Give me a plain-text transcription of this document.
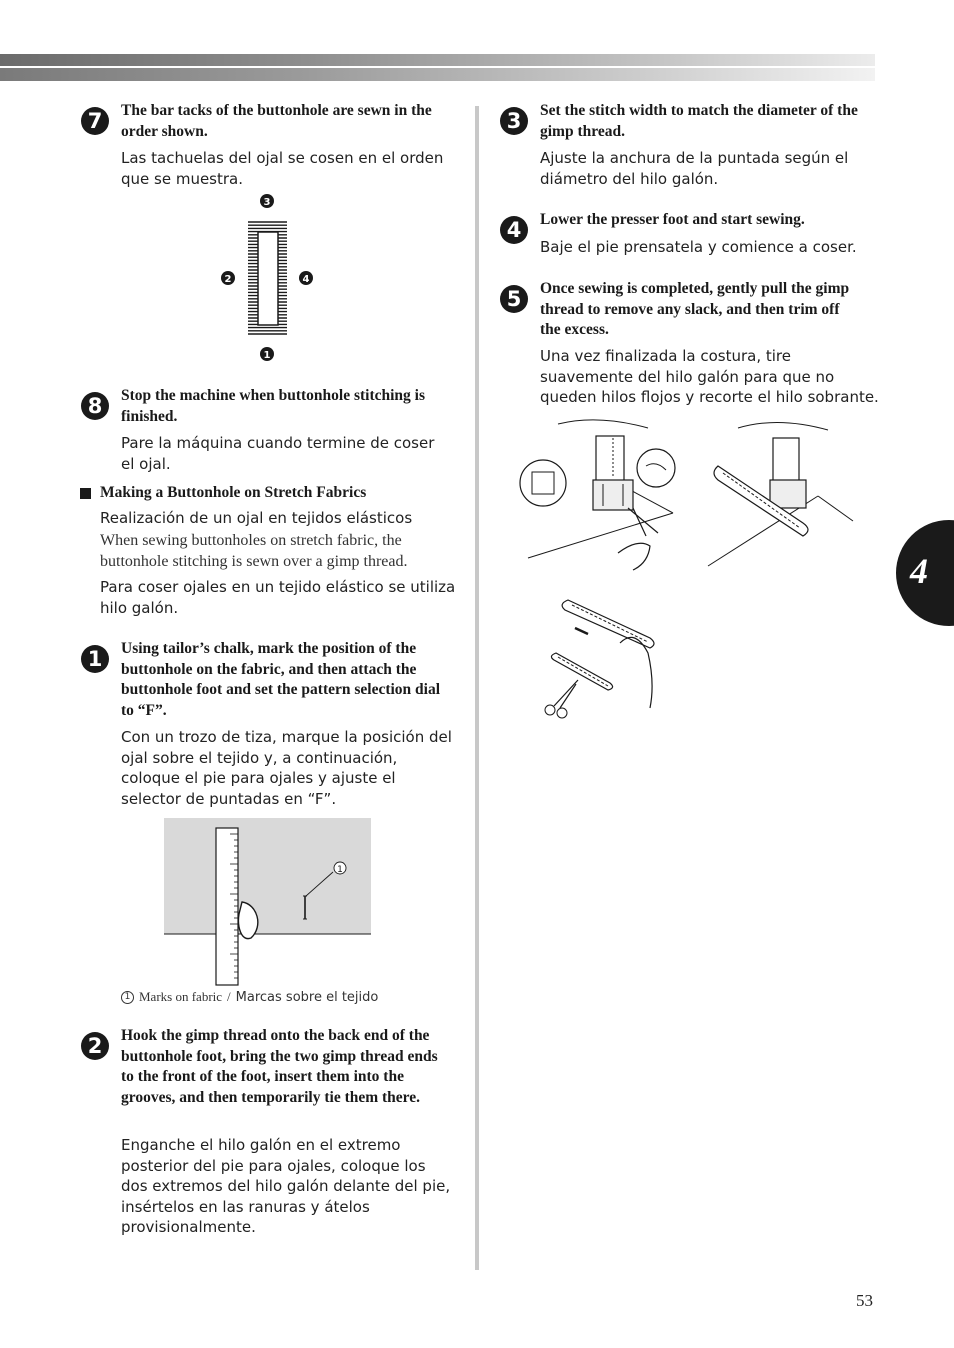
7	The bar tacks of the buttonhole are sewn in the order shown.
Las tachuelas del ojal se cosen en el orden que se muestra.
3
2	4
1
8	Stop the machine when buttonhole stitching is finished.
Pare la máquina cuando termine de coser el ojal.
Making a Buttonhole on Stretch Fabrics
Realización de un ojal en tejidos elásticos
When sewing buttonholes on stretch fabric, the buttonhole stitching is sewn over a gimp thread.
Para coser ojales en un tejido elástico se utiliza hilo galón.
1	Using tailor’s chalk, mark the position of the buttonhole on the fabric, and then attach the buttonhole foot and set the pattern selection dial to “F”.
Con un trozo de tiza, marque la posición del ojal sobre el tejido y, a continuación, coloque el pie para ojales y ajuste el selector de puntadas en “F”.
1
1 Marks on fabric / Marcas sobre el tejido
2	Hook the gimp thread onto the back end of the buttonhole foot, bring the two gimp thread ends to the front of the foot, insert them into the grooves, and then temporarily tie them there.
Enganche el hilo galón en el extremo posterior del pie para ojales, coloque los dos extremos del hilo galón delante del pie, insértelos en las ranuras y átelos provisionalmente.
3	Set the stitch width to match the diameter of the gimp thread.
Ajuste la anchura de la puntada según el diámetro del hilo galón.
4	Lower the presser foot and start sewing.
Baje el pie prensatela y comience a coser.
5	Once sewing is completed, gently pull the gimp thread to remove any slack, and then trim off the excess.
Una vez finalizada la costura, tire suavemente del hilo galón para que no queden hilos flojos y recorte el hilo sobrante.
4
53
